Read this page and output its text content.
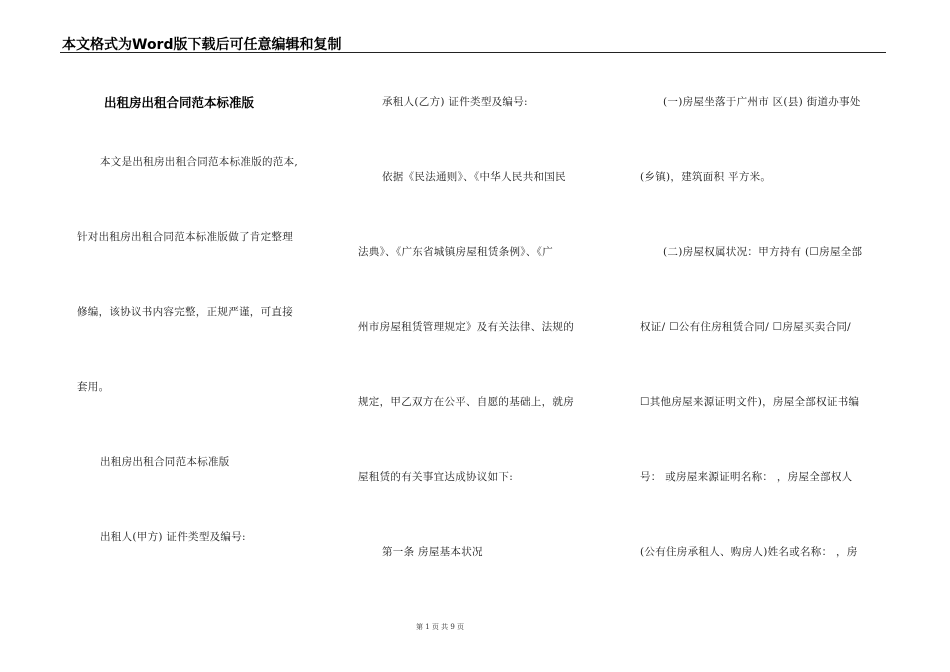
本文格式为Word版下载后可任意编辑和复制
出租房出租合同范本标准版
本文是出租房出租合同范本标准版的范本,
针对出租房出租合同范本标准版做了肯定整理
修编，该协议书内容完整，正规严谨，可直接
套用。
出租房出租合同范本标准版
出租人(甲方) 证件类型及编号:
承租人(乙方) 证件类型及编号:
依据《民法通则》、《中华人民共和国民
法典》、《广东省城镇房屋租赁条例》、《广
州市房屋租赁管理规定》及有关法律、法规的
规定，甲乙双方在公平、自愿的基础上，就房
屋租赁的有关事宜达成协议如下:
第一条 房屋基本状况
(一)房屋坐落于广州市 区(县) 街道办事处
(乡镇)，建筑面积 平方米。
(二)房屋权属状况：甲方持有 (☐房屋全部
权证/ ☐公有住房租赁合同/ ☐房屋买卖合同/
☐其他房屋来源证明文件)，房屋全部权证书编
号： 或房屋来源证明名称： ，房屋全部权人
(公有住房承租人、购房人)姓名或名称： ，房
第 1 页 共 9 页
